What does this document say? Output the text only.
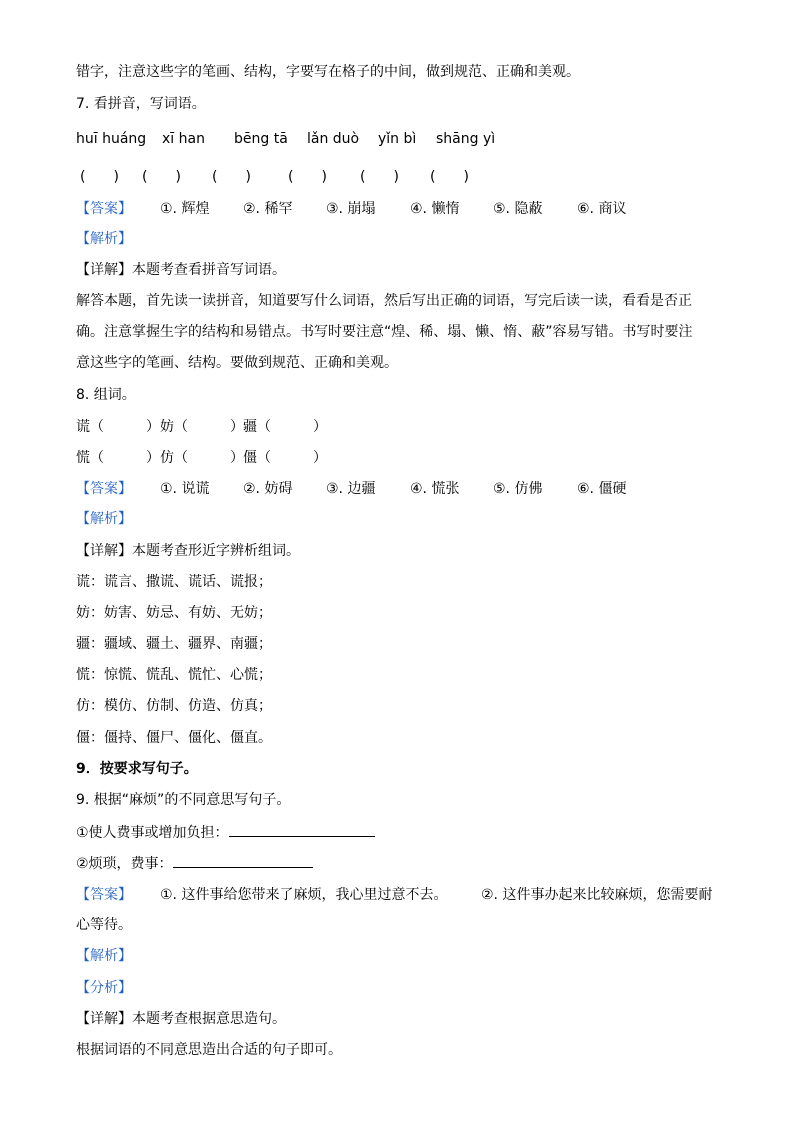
错字，注意这些字的笔画、结构，字要写在格子的中间，做到规范、正确和美观。
7. 看拼音，写词语。
huī huáng xī han bēng tā lǎn duò yǐn bì shāng yì
(　　) (　　) (　　)	(　　) (　　) (　　)
【答案】 ①. 辉煌 ②. 稀罕 ③. 崩塌 ④. 懒惰 ⑤. 隐蔽 ⑥. 商议
【解析】
【详解】本题考查看拼音写词语。
解答本题，首先读一读拼音，知道要写什么词语，然后写出正确的词语，写完后读一读，看看是否正
确。注意掌握生字的结构和易错点。书写时要注意“煌、稀、塌、懒、惰、蔽”容易写错。书写时要注
意这些字的笔画、结构。要做到规范、正确和美观。
8. 组词。
谎（　　　） 妨（　　　） 疆（　　　）
慌（　　　） 仿（　　　） 僵（　　　）
【答案】 ①. 说谎 ②. 妨碍 ③. 边疆 ④. 慌张 ⑤. 仿佛 ⑥. 僵硬
【解析】
【详解】本题考查形近字辨析组词。
谎：谎言、撒谎、谎话、谎报；
妨：妨害、妨忌、有妨、无妨；
疆：疆域、疆土、疆界、南疆；
慌：惊慌、慌乱、慌忙、心慌；
仿：模仿、仿制、仿造、仿真；
僵：僵持、僵尸、僵化、僵直。
9．按要求写句子。
9. 根据“麻烦”的不同意思写句子。
①使人费事或增加负担：
②烦琐，费事：
【答案】 ①. 这件事给您带来了麻烦，我心里过意不去。 ②. 这件事办起来比较麻烦，您需要耐
心等待。
【解析】
【分析】
【详解】本题考查根据意思造句。
根据词语的不同意思造出合适的句子即可。
